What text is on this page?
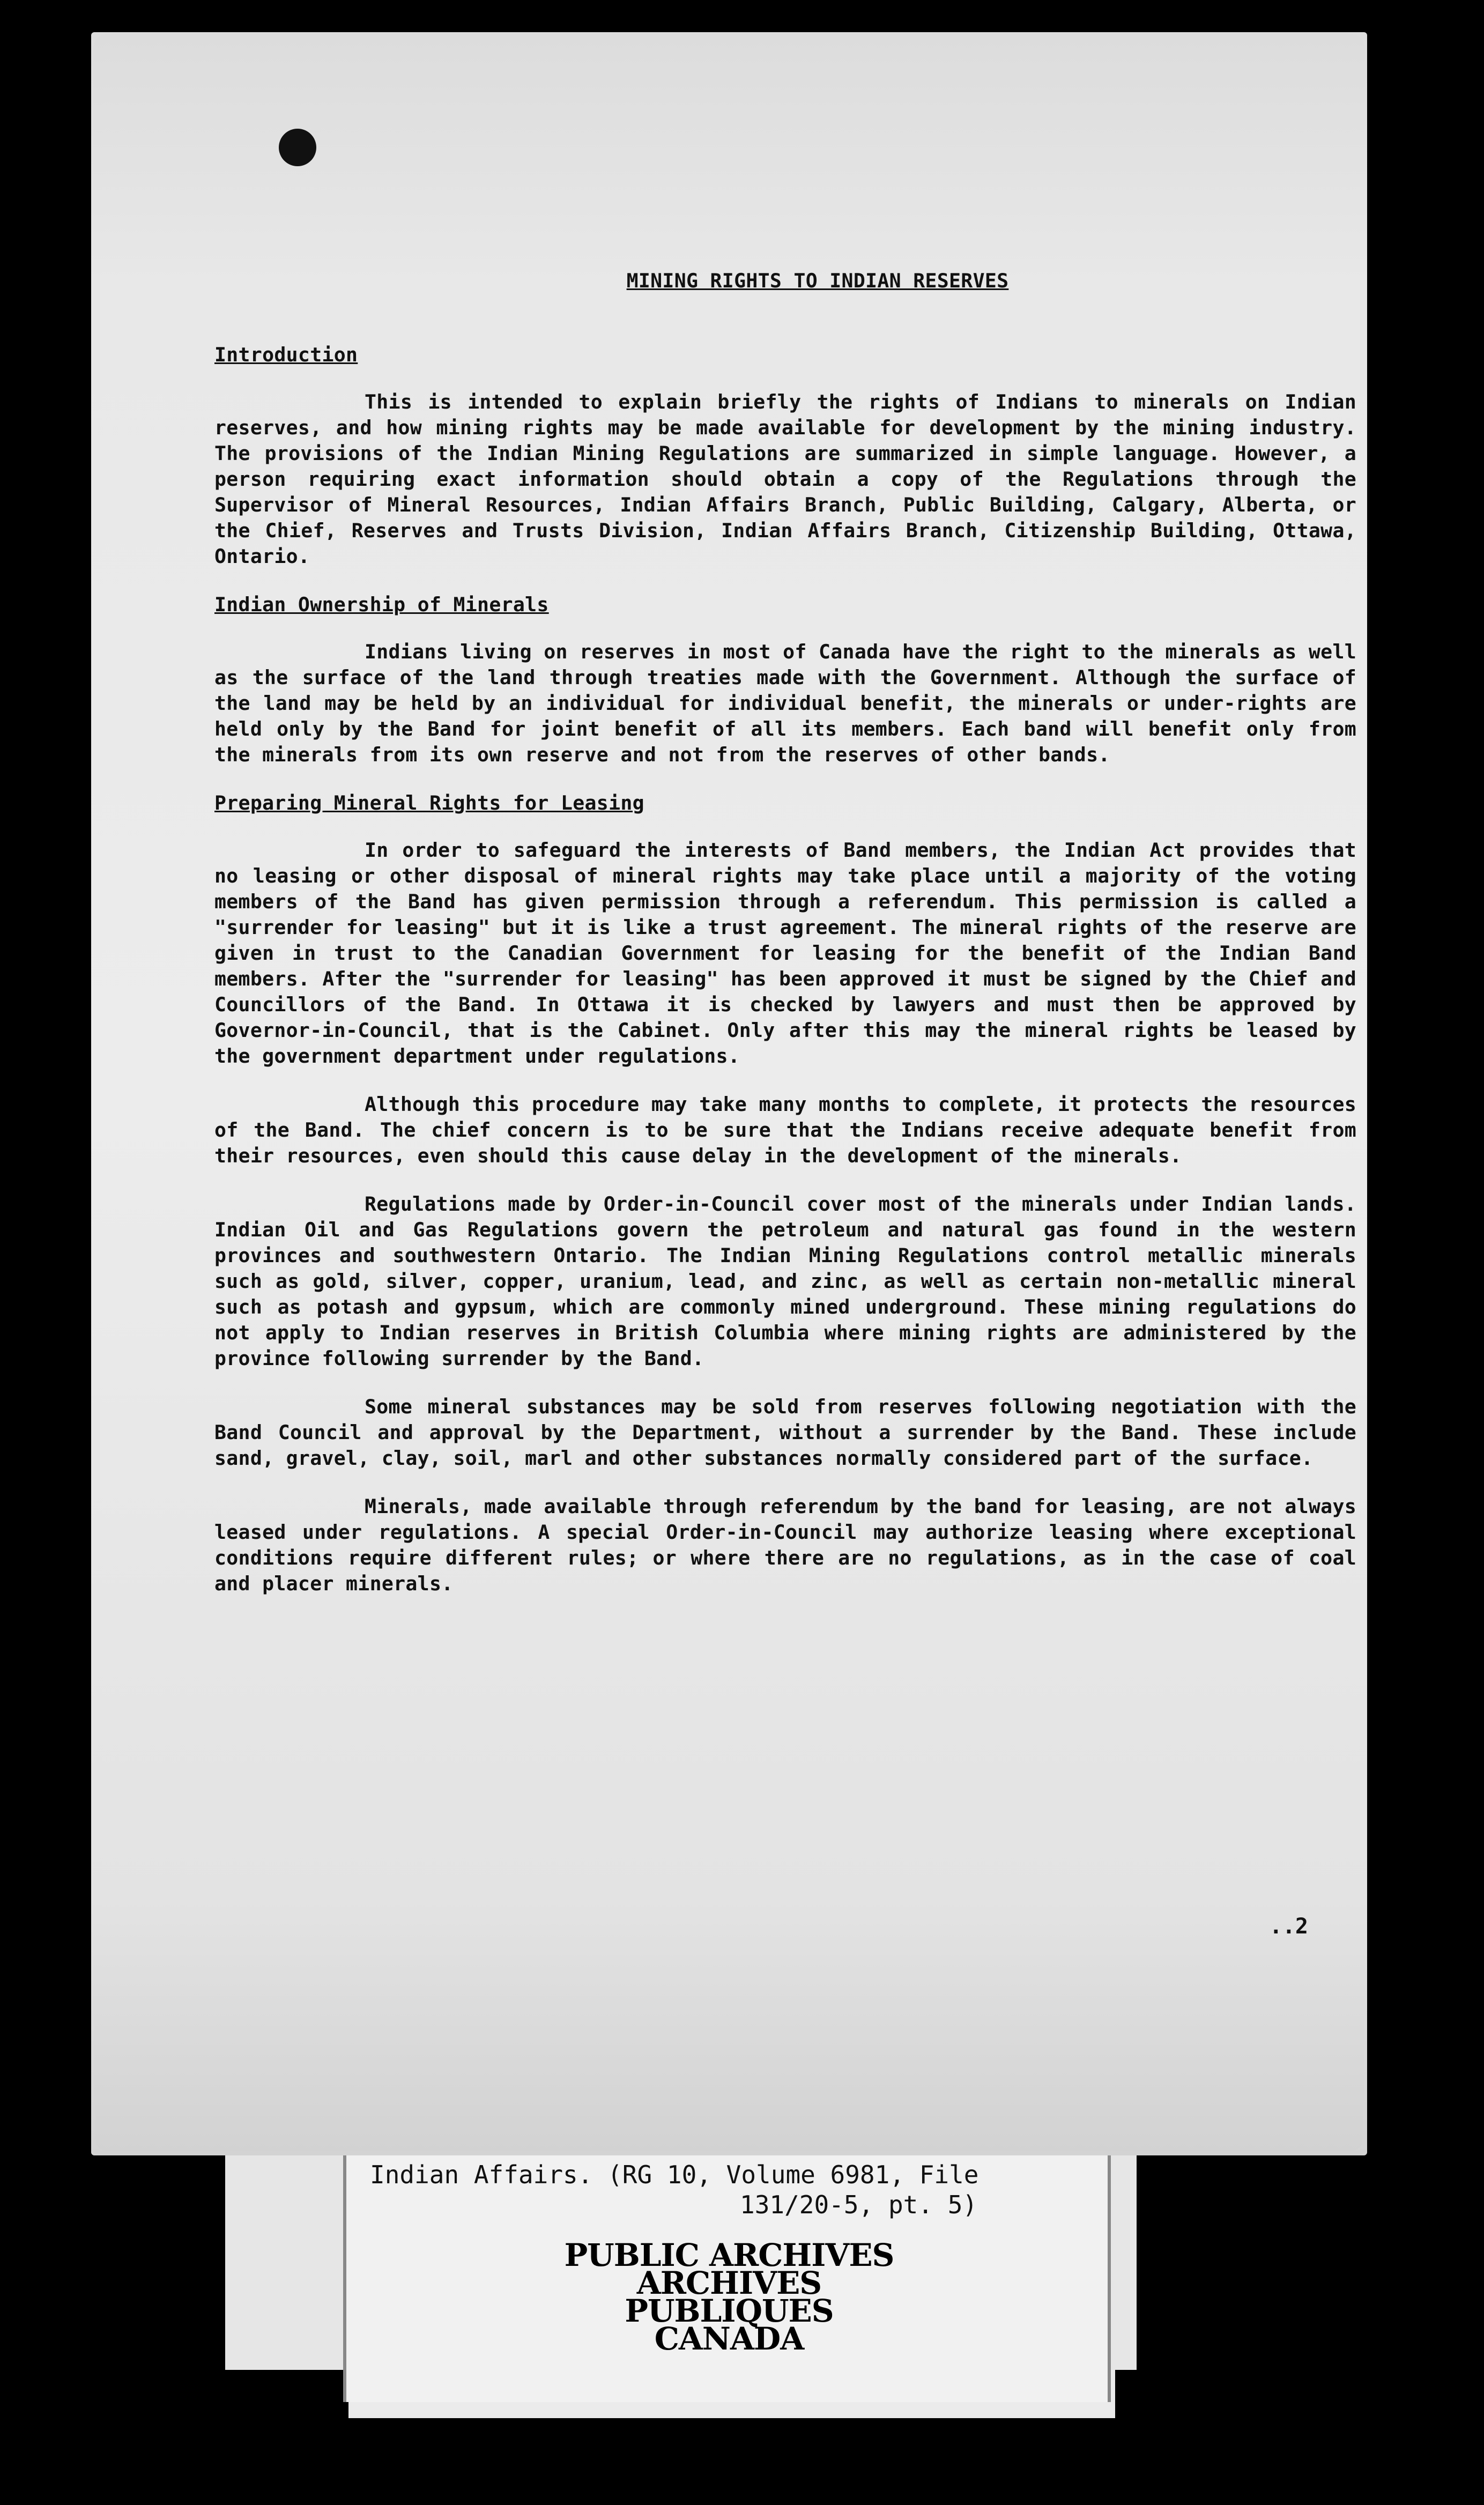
MINING RIGHTS TO INDIAN RESERVES
Introduction

This is intended to explain briefly the rights of Indians to minerals on Indian reserves, and how mining rights may be made available for development by the mining industry. The provisions of the Indian Mining Regulations are summarized in simple language. However, a person requiring exact information should obtain a copy of the Regulations through the Supervisor of Mineral Resources, Indian Affairs Branch, Public Building, Calgary, Alberta, or the Chief, Reserves and Trusts Division, Indian Affairs Branch, Citizenship Building, Ottawa, Ontario.

Indian Ownership of Minerals

Indians living on reserves in most of Canada have the right to the minerals as well as the surface of the land through treaties made with the Government. Although the surface of the land may be held by an individual for individual benefit, the minerals or under-rights are held only by the Band for joint benefit of all its members. Each band will benefit only from the minerals from its own reserve and not from the reserves of other bands.

Preparing Mineral Rights for Leasing

In order to safeguard the interests of Band members, the Indian Act provides that no leasing or other disposal of mineral rights may take place until a majority of the voting members of the Band has given permission through a referendum. This permission is called a "surrender for leasing" but it is like a trust agreement. The mineral rights of the reserve are given in trust to the Canadian Government for leasing for the benefit of the Indian Band members. After the "surrender for leasing" has been approved it must be signed by the Chief and Councillors of the Band. In Ottawa it is checked by lawyers and must then be approved by Governor-in-Council, that is the Cabinet. Only after this may the mineral rights be leased by the government department under regulations.

Although this procedure may take many months to complete, it protects the resources of the Band. The chief concern is to be sure that the Indians receive adequate benefit from their resources, even should this cause delay in the development of the minerals.

Regulations made by Order-in-Council cover most of the minerals under Indian lands. Indian Oil and Gas Regulations govern the petroleum and natural gas found in the western provinces and southwestern Ontario. The Indian Mining Regulations control metallic minerals such as gold, silver, copper, uranium, lead, and zinc, as well as certain non-metallic mineral such as potash and gypsum, which are commonly mined underground. These mining regulations do not apply to Indian reserves in British Columbia where mining rights are administered by the province following surrender by the Band.

Some mineral substances may be sold from reserves following negotiation with the Band Council and approval by the Department, without a surrender by the Band. These include sand, gravel, clay, soil, marl and other substances normally considered part of the surface.

Minerals, made available through referendum by the band for leasing, are not always leased under regulations. A special Order-in-Council may authorize leasing where exceptional conditions require different rules; or where there are no regulations, as in the case of coal and placer minerals.

..2
Indian Affairs. (RG 10, Volume 6981, File
131/20-5, pt. 5)
PUBLIC ARCHIVES
ARCHIVES PUBLIQUES
CANADA
